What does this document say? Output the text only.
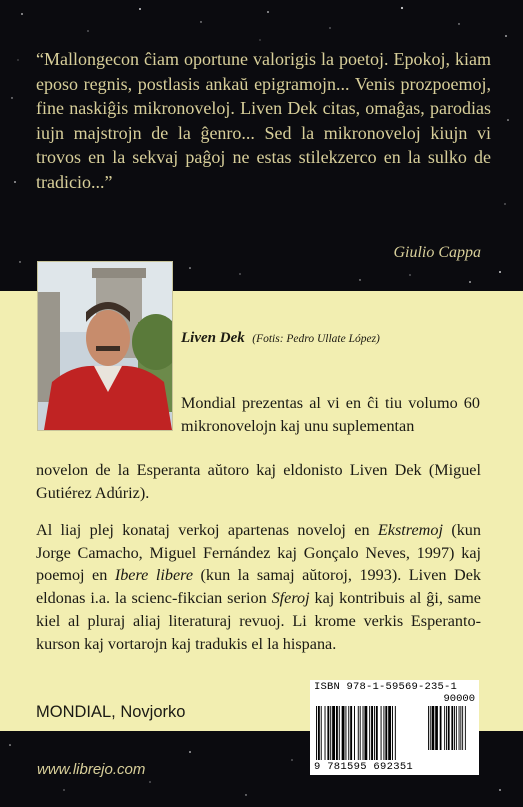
“Mallongecon ĉiam oportune valorigis la poetoj. Epokoj, kiam eposo regnis, postlasis ankaŭ epigramojn... Venis prozpoemoj, fine naskiĝis mikronoveloj. Liven Dek citas, omaĝas, parodias iujn majstrojn de la ĝenro... Sed la mikronoveloj kiujn vi trovos en la sekvaj paĝoj ne estas stilekzerco en la sulko de tradicio...”
Giulio Cappa
Liven Dek (Fotis: Pedro Ullate López)

Mondial prezentas al vi en ĉi tiu volumo 60 mikronovelojn kaj unu suplementan

novelon de la Esperanta aŭtoro kaj eldonisto Liven Dek (Miguel Gutiérez Adúriz).

Al liaj plej konataj verkoj apartenas noveloj en Ekstremoj (kun Jorge Camacho, Miguel Fernández kaj Gonçalo Neves, 1997) kaj poemoj en Ibere libere (kun la samaj aŭtoroj, 1993). Liven Dek eldonas i.a. la scienc-fikcian serion Sferoj kaj kontribuis al ĝi, same kiel al pluraj aliaj literaturaj revuoj. Li krome verkis Esperanto-kurson kaj vortarojn kaj tradukis el la hispana.

MONDIAL, Novjorko
ISBN 978-1-59569-235-1
90000
9 781595 692351
www.librejo.com
